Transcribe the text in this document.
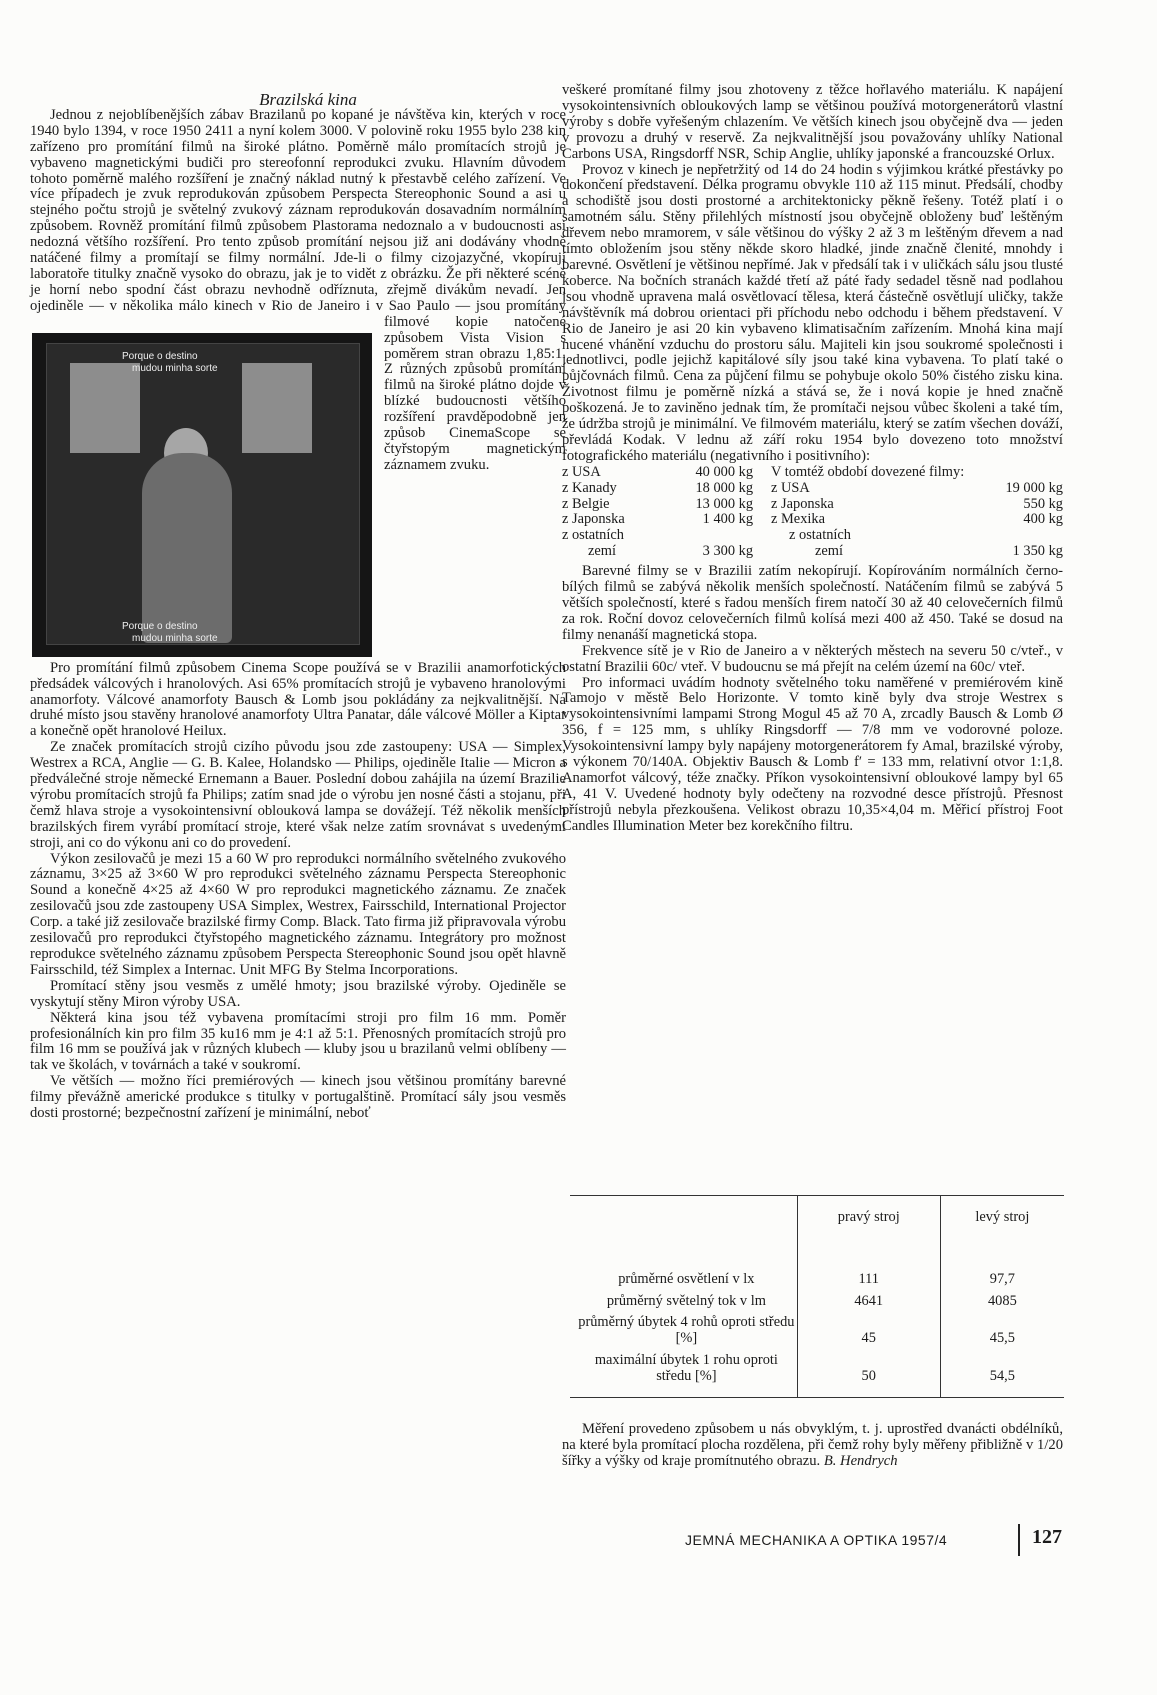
Brazilská kina

Jednou z nejoblíbenějších zábav Brazilanů po kopané je návštěva kin, kterých v roce 1940 bylo 1394, v roce 1950 2411 a nyní kolem 3000. V polovině roku 1955 bylo 238 kin zařízeno pro promítání filmů na široké plátno. Poměrně málo promítacích strojů je vybaveno magnetickými budiči pro stereofonní reprodukci zvuku. Hlavním důvodem tohoto poměrně malého rozšíření je značný náklad nutný k přestavbě celého zařízení. Ve více případech je zvuk reprodukován způsobem Perspecta Stereophonic Sound a asi u stejného počtu strojů je světelný zvukový záznam reprodukován dosavadním normálním způsobem. Rovněž promítání filmů způsobem Plastorama nedoznalo a v budoucnosti asi nedozná většího rozšíření. Pro tento způsob promítání nejsou již ani dodávány vhodně natáčené filmy a promítají se filmy normální. Jde-li o filmy cizojazyčné, vkopírují laboratoře titulky značně vysoko do obrazu, jak je to vidět z obrázku. Že při některé scéně je horní nebo spodní část obrazu nevhodně odříznuta, zřejmě divákům nevadí. Jen ojediněle — v několika málo kinech v Rio de
Porque o destino
mudou minha sorte
Porque o destino
mudou minha sorte
Janeiro i v Sao Paulo — jsou promítány filmové kopie natočené způsobem Vista Vision s poměrem stran obrazu 1,85:1. Z různých způsobů promítání filmů na široké plátno dojde v blízké budoucnosti většího rozšíření pravděpodobně jen způsob CinemaScope se čtyřstopým magnetickým záznamem zvuku.

Pro promítání filmů způsobem Cinema Scope používá se v Brazilii anamorfotických předsádek válcových i hranolových. Asi 65% promítacích strojů je vybaveno hranolovými anamorfoty. Válcové anamorfoty Bausch & Lomb jsou pokládány za nejkvalitnější. Na druhé místo jsou stavěny hranolové anamorfoty Ultra Panatar, dále válcové Möller a Kiptar a konečně opět hranolové Heilux.

Ze značek promítacích strojů cizího původu jsou zde zastoupeny: USA — Simplex, Westrex a RCA, Anglie — G. B. Kalee, Holandsko — Philips, ojediněle Italie — Micron a předválečné stroje německé Ernemann a Bauer. Poslední dobou zahájila na území Brazilie výrobu promítacích strojů fa Philips; zatím snad jde o výrobu jen nosné části a stojanu, při čemž hlava stroje a vysokointensivní oblouková lampa se dovážejí. Též několik menších brazilských firem vyrábí promítací stroje, které však nelze zatím srovnávat s uvedenými stroji, ani co do výkonu ani co do provedení.

Výkon zesilovačů je mezi 15 a 60 W pro reprodukci normálního světelného zvukového záznamu, 3×25 až 3×60 W pro reprodukci světelného záznamu Perspecta Stereophonic Sound a konečně 4×25 až 4×60 W pro reprodukci magnetického záznamu. Ze značek zesilovačů jsou zde zastoupeny USA Simplex, Westrex, Fairsschild, International Projector Corp. a také již zesilovače brazilské firmy Comp. Black. Tato firma již připravovala výrobu zesilovačů pro reprodukci čtyřstopého magnetického záznamu. Integrátory pro možnost reprodukce světelného záznamu způsobem Perspecta Stereophonic Sound jsou opět hlavně Fairsschild, též Simplex a Internac. Unit MFG By Stelma Incorporations.

Promítací stěny jsou vesměs z umělé hmoty; jsou brazilské výroby. Ojediněle se vyskytují stěny Miron výroby USA.

Některá kina jsou též vybavena promítacími stroji pro film 16 mm. Poměr profesionálních kin pro film 35 ku16 mm je 4:1 až 5:1. Přenosných promítacích strojů pro film 16 mm se používá jak v různých klubech — kluby jsou u brazilanů velmi oblíbeny — tak ve školách, v továrnách a také v soukromí.

Ve větších — možno říci premiérových — kinech jsou většinou promítány barevné filmy převážně americké produkce s titulky v portugalštině. Promítací sály jsou vesměs dosti prostorné; bezpečnostní zařízení je minimální, neboť

veškeré promítané filmy jsou zhotoveny z těžce hořlavého materiálu. K napájení vysokointensivních obloukových lamp se většinou používá motorgenerátorů vlastní výroby s dobře vyřešeným chlazením. Ve větších kinech jsou obyčejně dva — jeden v provozu a druhý v reservě. Za nejkvalitnější jsou považovány uhlíky National Carbons USA, Ringsdorff NSR, Schip Anglie, uhlíky japonské a francouzské Orlux.

Provoz v kinech je nepřetržitý od 14 do 24 hodin s výjimkou krátké přestávky po dokončení představení. Délka programu obvykle 110 až 115 minut. Předsálí, chodby a schodiště jsou dosti prostorné a architektonicky pěkně řešeny. Totéž platí i o samotném sálu. Stěny přilehlých místností jsou obyčejně obloženy buď leštěným dřevem nebo mramorem, v sále většinou do výšky 2 až 3 m leštěným dřevem a nad tímto obložením jsou stěny někde skoro hladké, jinde značně členité, mnohdy i barevné. Osvětlení je většinou nepřímé. Jak v předsálí tak i v uličkách sálu jsou tlusté koberce. Na bočních stranách každé třetí až páté řady sedadel těsně nad podlahou jsou vhodně upravena malá osvětlovací tělesa, která částečně osvětlují uličky, takže návštěvník má dobrou orientaci při příchodu nebo odchodu i během představení. V Rio de Janeiro je asi 20 kin vybaveno klimatisačním zařízením. Mnohá kina mají nucené vhánění vzduchu do prostoru sálu. Majiteli kin jsou soukromé společnosti i jednotlivci, podle jejichž kapitálové síly jsou také kina vybavena. To platí také o půjčovnách filmů. Cena za půjčení filmu se pohybuje okolo 50% čistého zisku kina. Životnost filmu je poměrně nízká a stává se, že i nová kopie je hned značně poškozená. Je to zaviněno jednak tím, že promítači nejsou vůbec školeni a také tím, že údržba strojů je minimální. Ve filmovém materiálu, který se zatím všechen dováží, převládá Kodak. V lednu až září roku 1954 bylo dovezeno toto množství fotografického materiálu (negativního i positivního):

z USA	40 000 kg	V tomtéž období dovezené filmy:	
z Kanady	18 000 kg	z USA	19 000 kg
z Belgie	13 000 kg	z Japonska	550 kg
z Japonska	1 400 kg	z Mexika	400 kg
z ostatních		z ostatních	
zemí	3 300 kg	zemí	1 350 kg

Barevné filmy se v Brazilii zatím nekopírují. Kopírováním normálních černo-bílých filmů se zabývá několik menších společností. Natáčením filmů se zabývá 5 větších společností, které s řadou menších firem natočí 30 až 40 celovečerních filmů za rok. Roční dovoz celovečerních filmů kolísá mezi 400 až 450. Také se dosud na filmy nenanáší magnetická stopa.

Frekvence sítě je v Rio de Janeiro a v některých městech na severu 50 c/vteř., v ostatní Brazilii 60c/ vteř. V budoucnu se má přejít na celém území na 60c/ vteř.

Pro informaci uvádím hodnoty světelného toku naměřené v premiérovém kině Tamojo v městě Belo Horizonte. V tomto kině byly dva stroje Westrex s vysokointensivními lampami Strong Mogul 45 až 70 A, zrcadly Bausch & Lomb Ø 356, f = 125 mm, s uhlíky Ringsdorff — 7/8 mm ve vodorovné poloze. Vysokointensivní lampy byly napájeny motorgenerátorem fy Amal, brazilské výroby, s výkonem 70/140A. Objektiv Bausch & Lomb f′ = 133 mm, relativní otvor 1:1,8. Anamorfot válcový, téže značky. Příkon vysokointensivní obloukové lampy byl 65 A, 41 V. Uvedené hodnoty byly odečteny na rozvodné desce přístrojů. Přesnost přístrojů nebyla přezkoušena. Velikost obrazu 10,35×4,04 m. Měřicí přístroj Foot Candles Illumination Meter bez korekčního filtru.

	pravý stroj	levý stroj
průměrné osvětlení v lx	111	97,7
průměrný světelný tok v lm	4641	4085
průměrný úbytek 4 rohů oproti středu [%]	45	45,5
maximální úbytek 1 rohu oproti středu [%]	50	54,5

Měření provedeno způsobem u nás obvyklým, t. j. uprostřed dvanácti obdélníků, na které byla promítací plocha rozdělena, při čemž rohy byly měřeny přibližně v 1/20 šířky a výšky od kraje promítnutého obrazu. B. Hendrych

JEMNÁ MECHANIKA A OPTIKA 1957/4	127
